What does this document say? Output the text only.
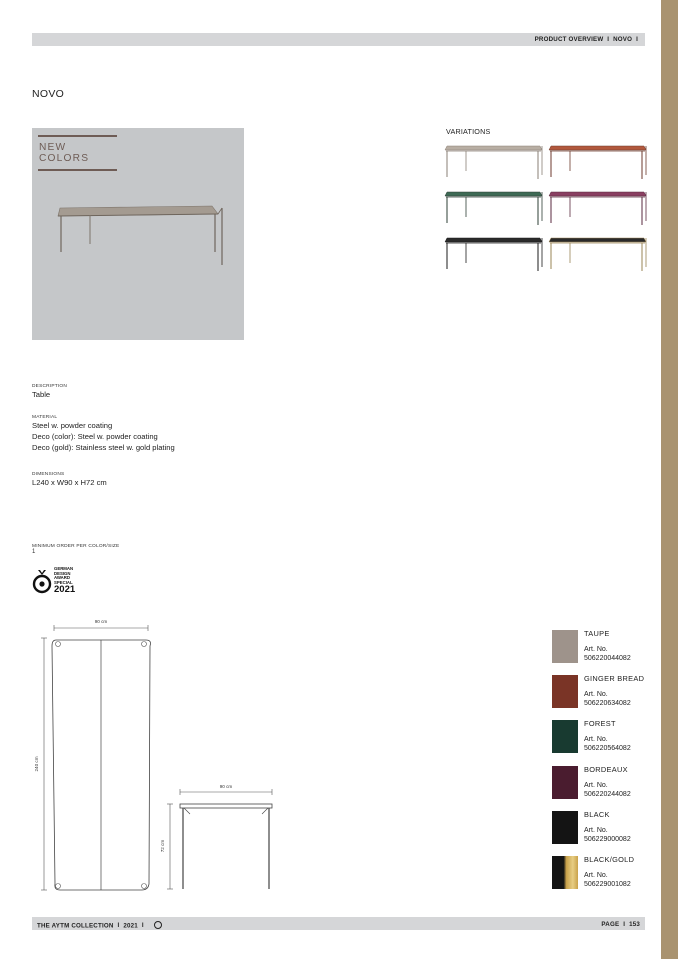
PRODUCT OVERVIEW I NOVO I
NOVO
NEW COLORS
VARIATIONS
DESCRIPTION
Table
MATERIAL
Steel w. powder coating
Deco (color): Steel w. powder coating
Deco (gold): Stainless steel w. gold plating
DIMENSIONS
L240 x W90 x H72 cm
MINIMUM ORDER PER COLOR/SIZE
1
GERMAN
DESIGN
AWARD
SPECIAL
2021
90 cm
240 cm
90 cm
72 cm
TAUPE
Art. No.
506220044082
GINGER BREAD
Art. No.
506220634082
FOREST
Art. No.
506220564082
BORDEAUX
Art. No.
506220244082
BLACK
Art. No.
506229000082
BLACK/GOLD
Art. No.
506229001082
THE AYTM COLLECTION I 2021 I	PAGE I 153
